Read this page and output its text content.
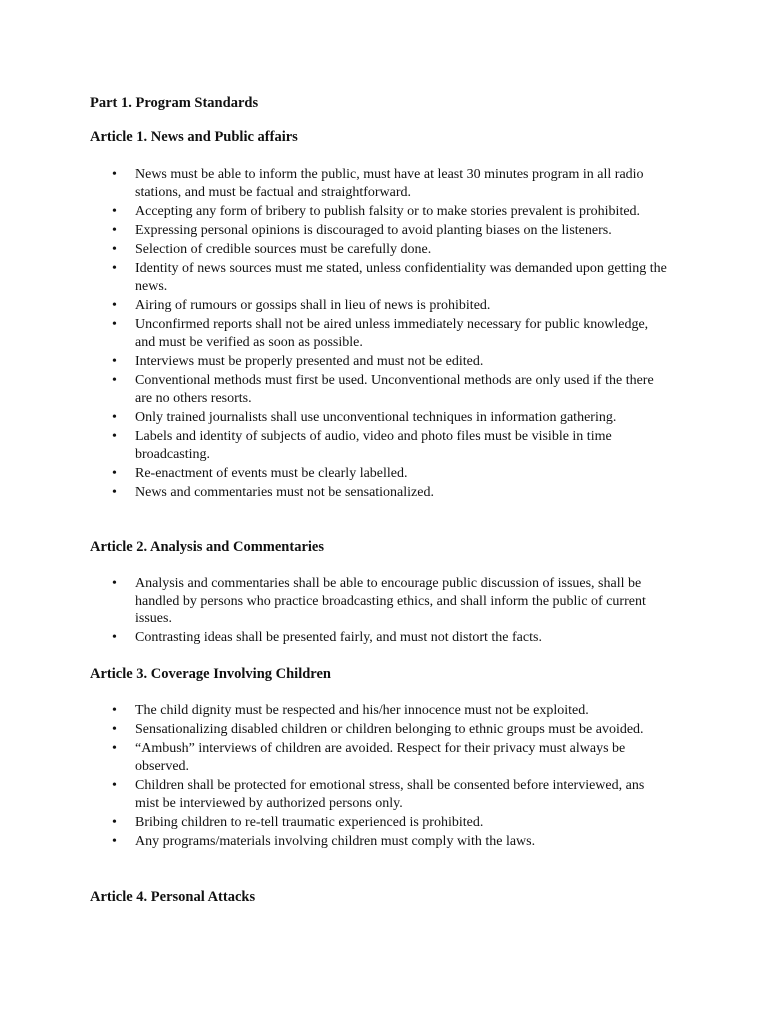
Part 1. Program Standards
Article 1. News and Public affairs
• News must be able to inform the public, must have at least 30 minutes program in all radio stations, and must be factual and straightforward.
• Accepting any form of bribery to publish falsity or to make stories prevalent is prohibited.
• Expressing personal opinions is discouraged to avoid planting biases on the listeners.
• Selection of credible sources must be carefully done.
• Identity of news sources must me stated, unless confidentiality was demanded upon getting the news.
• Airing of rumours or gossips shall in lieu of news is prohibited.
• Unconfirmed reports shall not be aired unless immediately necessary for public knowledge, and must be verified as soon as possible.
• Interviews must be properly presented and must not be edited.
• Conventional methods must first be used. Unconventional methods are only used if the there are no others resorts.
• Only trained journalists shall use unconventional techniques in information gathering.
• Labels and identity of subjects of audio, video and photo files must be visible in time broadcasting.
• Re-enactment of events must be clearly labelled.
• News and commentaries must not be sensationalized.
Article 2. Analysis and Commentaries
• Analysis and commentaries shall be able to encourage public discussion of issues, shall be handled by persons who practice broadcasting ethics, and shall inform the public of current issues.
• Contrasting ideas shall be presented fairly, and must not distort the facts.
Article 3. Coverage Involving Children
• The child dignity must be respected and his/her innocence must not be exploited.
• Sensationalizing disabled children or children belonging to ethnic groups must be avoided.
• “Ambush” interviews of children are avoided. Respect for their privacy must always be observed.
• Children shall be protected for emotional stress, shall be consented before interviewed, ans mist be interviewed by authorized persons only.
• Bribing children to re-tell traumatic experienced is prohibited.
• Any programs/materials involving children must comply with the laws.
Article 4. Personal Attacks
